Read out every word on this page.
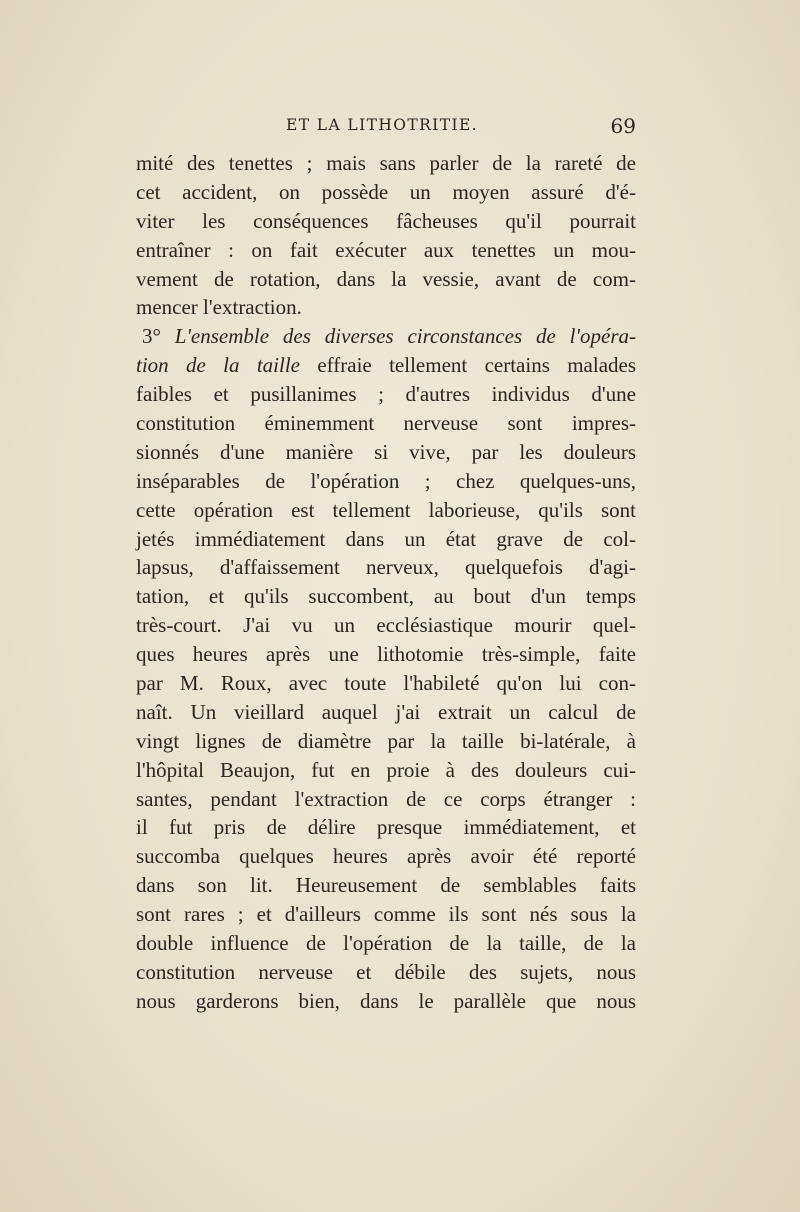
ET LA LITHOTRITIE.	69
mité des tenettes ; mais sans parler de la rareté de
cet accident, on possède un moyen assuré d'é-
viter les conséquences fâcheuses qu'il pourrait
entraîner : on fait exécuter aux tenettes un mou-
vement de rotation, dans la vessie, avant de com-
mencer l'extraction.
3° L'ensemble des diverses circonstances de l'opéra-
tion de la taille effraie tellement certains malades
faibles et pusillanimes ; d'autres individus d'une
constitution éminemment nerveuse sont impres-
sionnés d'une manière si vive, par les douleurs
inséparables de l'opération ; chez quelques-uns,
cette opération est tellement laborieuse, qu'ils sont
jetés immédiatement dans un état grave de col-
lapsus, d'affaissement nerveux, quelquefois d'agi-
tation, et qu'ils succombent, au bout d'un temps
très-court. J'ai vu un ecclésiastique mourir quel-
ques heures après une lithotomie très-simple, faite
par M. Roux, avec toute l'habileté qu'on lui con-
naît. Un vieillard auquel j'ai extrait un calcul de
vingt lignes de diamètre par la taille bi-latérale, à
l'hôpital Beaujon, fut en proie à des douleurs cui-
santes, pendant l'extraction de ce corps étranger :
il fut pris de délire presque immédiatement, et
succomba quelques heures après avoir été reporté
dans son lit. Heureusement de semblables faits
sont rares ; et d'ailleurs comme ils sont nés sous la
double influence de l'opération de la taille, de la
constitution nerveuse et débile des sujets, nous
nous garderons bien, dans le parallèle que nous
